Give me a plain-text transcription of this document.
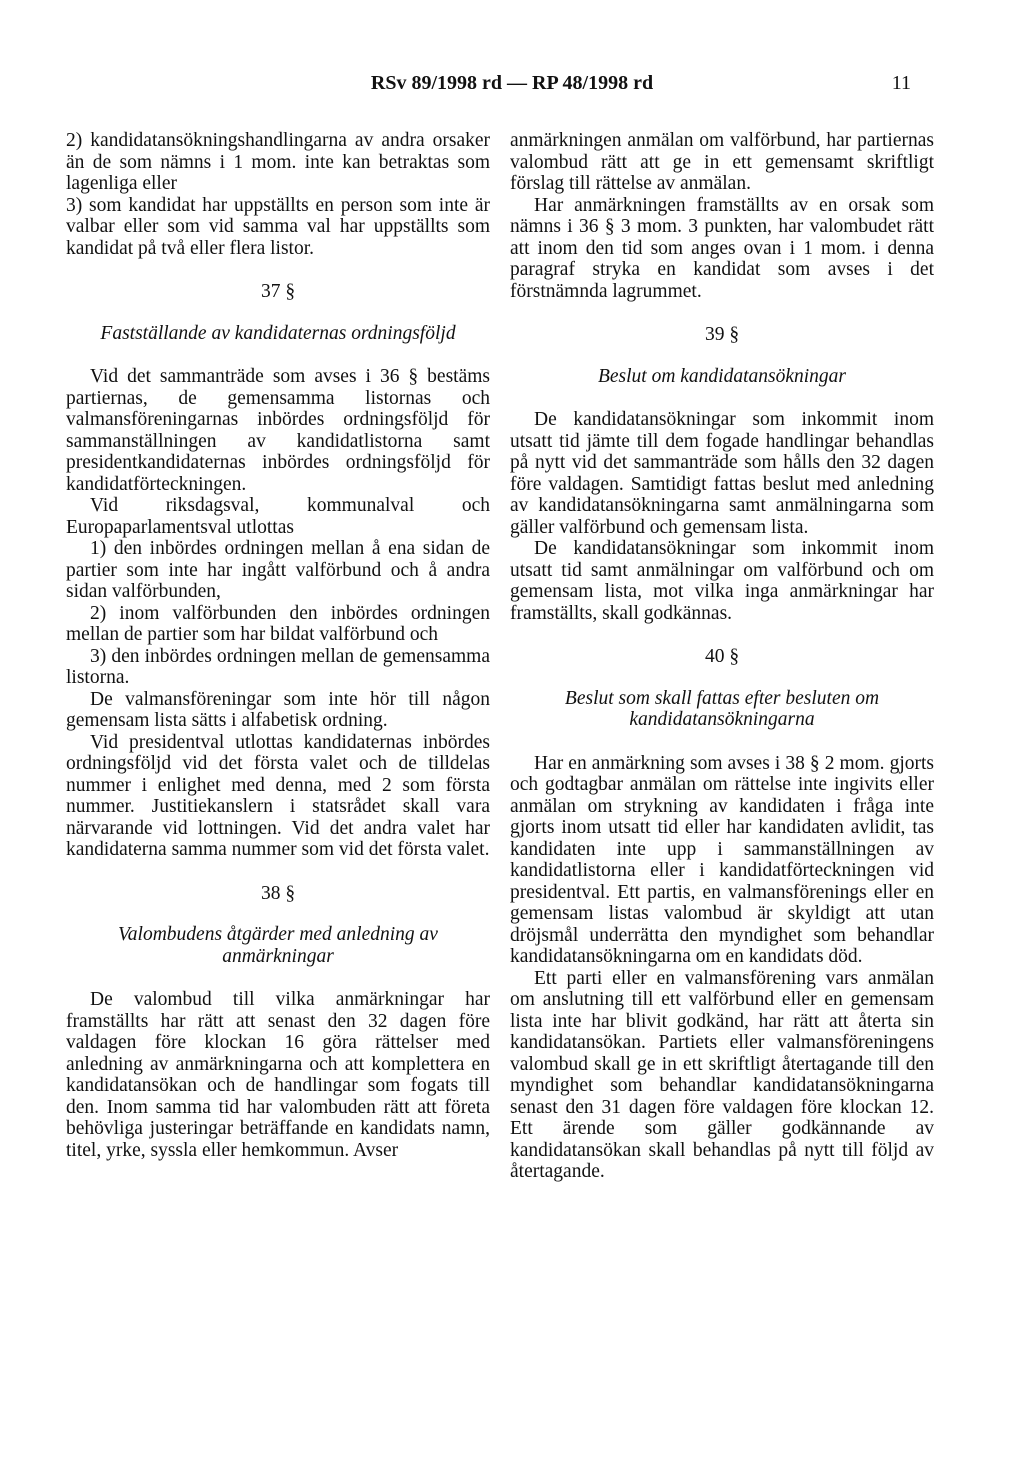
RSv 89/1998 rd — RP 48/1998 rd	11

2) kandidatansökningshandlingarna av andra orsaker än de som nämns i 1 mom. inte kan betraktas som lagenliga eller

3) som kandidat har uppställts en person som inte är valbar eller som vid samma val har uppställts som kandidat på två eller flera listor.

37 §
Fastställande av kandidaternas ordningsföljd

Vid det sammanträde som avses i 36 § bestäms partiernas, de gemensamma listornas och valmansföreningarnas inbördes ordningsföljd för sammanställningen av kandidatlistorna samt presidentkandidaternas inbördes ordningsföljd för kandidatförteckningen.

Vid riksdagsval, kommunalval och Europaparlamentsval utlottas

1) den inbördes ordningen mellan å ena sidan de partier som inte har ingått valförbund och å andra sidan valförbunden,

2) inom valförbunden den inbördes ordningen mellan de partier som har bildat valförbund och

3) den inbördes ordningen mellan de gemensamma listorna.

De valmansföreningar som inte hör till någon gemensam lista sätts i alfabetisk ordning.

Vid presidentval utlottas kandidaternas inbördes ordningsföljd vid det första valet och de tilldelas nummer i enlighet med denna, med 2 som första nummer. Justitiekanslern i statsrådet skall vara närvarande vid lottningen. Vid det andra valet har kandidaterna samma nummer som vid det första valet.

38 §
Valombudens åtgärder med anledning av anmärkningar

De valombud till vilka anmärkningar har framställts har rätt att senast den 32 dagen före valdagen före klockan 16 göra rättelser med anledning av anmärkningarna och att komplettera en kandidatansökan och de handlingar som fogats till den. Inom samma tid har valombuden rätt att företa behövliga justeringar beträffande en kandidats namn, titel, yrke, syssla eller hemkommun. Avser

anmärkningen anmälan om valförbund, har partiernas valombud rätt att ge in ett gemensamt skriftligt förslag till rättelse av anmälan.

Har anmärkningen framställts av en orsak som nämns i 36 § 3 mom. 3 punkten, har valombudet rätt att inom den tid som anges ovan i 1 mom. i denna paragraf stryka en kandidat som avses i det förstnämnda lagrummet.

39 §
Beslut om kandidatansökningar

De kandidatansökningar som inkommit inom utsatt tid jämte till dem fogade handlingar behandlas på nytt vid det sammanträde som hålls den 32 dagen före valdagen. Samtidigt fattas beslut med anledning av kandidatansökningarna samt anmälningarna som gäller valförbund och gemensam lista.

De kandidatansökningar som inkommit inom utsatt tid samt anmälningar om valförbund och om gemensam lista, mot vilka inga anmärkningar har framställts, skall godkännas.

40 §
Beslut som skall fattas efter besluten om kandidatansökningarna

Har en anmärkning som avses i 38 § 2 mom. gjorts och godtagbar anmälan om rättelse inte ingivits eller anmälan om strykning av kandidaten i fråga inte gjorts inom utsatt tid eller har kandidaten avlidit, tas kandidaten inte upp i sammanställningen av kandidatlistorna eller i kandidatförteckningen vid presidentval. Ett partis, en valmansförenings eller en gemensam listas valombud är skyldigt att utan dröjsmål underrätta den myndighet som behandlar kandidatansökningarna om en kandidats död.

Ett parti eller en valmansförening vars anmälan om anslutning till ett valförbund eller en gemensam lista inte har blivit godkänd, har rätt att återta sin kandidatansökan. Partiets eller valmansföreningens valombud skall ge in ett skriftligt återtagande till den myndighet som behandlar kandidatansökningarna senast den 31 dagen före valdagen före klockan 12. Ett ärende som gäller godkännande av kandidatansökan skall behandlas på nytt till följd av återtagande.
